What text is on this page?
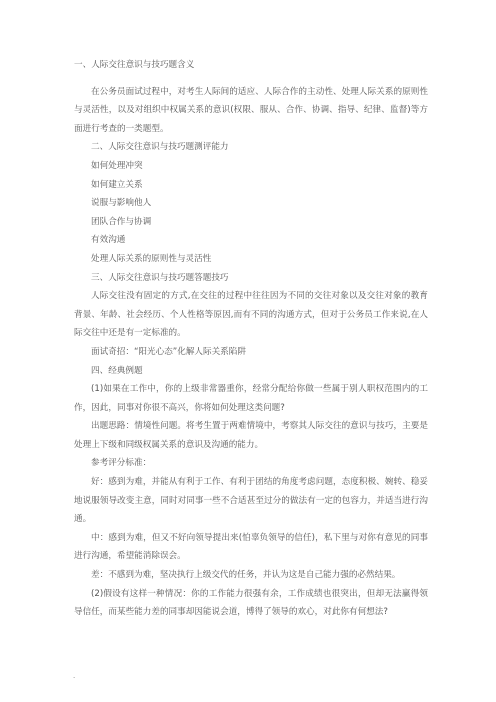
一、人际交往意识与技巧题含义

在公务员面试过程中，对考生人际间的适应、人际合作的主动性、处理人际关系的原则性与灵活性，以及对组织中权属关系的意识(权限、服从、合作、协调、指导、纪律、监督)等方面进行考查的一类题型。

二、人际交往意识与技巧题测评能力

如何处理冲突

如何建立关系

说服与影响他人

团队合作与协调

有效沟通

处理人际关系的原则性与灵活性

三、人际交往意识与技巧题答题技巧

人际交往没有固定的方式,在交往的过程中往往因为不同的交往对象以及交往对象的教育背景、年龄、社会经历、个人性格等原因,而有不同的沟通方式，但对于公务员工作来说,在人际交往中还是有一定标准的。

面试奇招：“阳光心态”化解人际关系陷阱

四、经典例题

(1)如果在工作中，你的上级非常器重你，经常分配给你做一些属于别人职权范围内的工作，因此，同事对你很不高兴，你将如何处理这类问题?

出题思路：情境性问题。将考生置于两难情境中，考察其人际交往的意识与技巧，主要是处理上下级和同级权属关系的意识及沟通的能力。

参考评分标准：

好：感到为难，并能从有利于工作、有利于团结的角度考虑问题，态度积极、婉转、稳妥地说服领导改变主意，同时对同事一些不合适甚至过分的做法有一定的包容力，并适当进行沟通。

中：感到为难，但又不好向领导提出来(怕辜负领导的信任)，私下里与对你有意见的同事进行沟通，希望能消除误会。

差：不感到为难，坚决执行上级交代的任务，并认为这是自己能力强的必然结果。

(2)假设有这样一种情况：你的工作能力很强有余，工作成绩也很突出，但却无法赢得领导信任，而某些能力差的同事却因能说会道，博得了领导的欢心，对此你有何想法?

.
